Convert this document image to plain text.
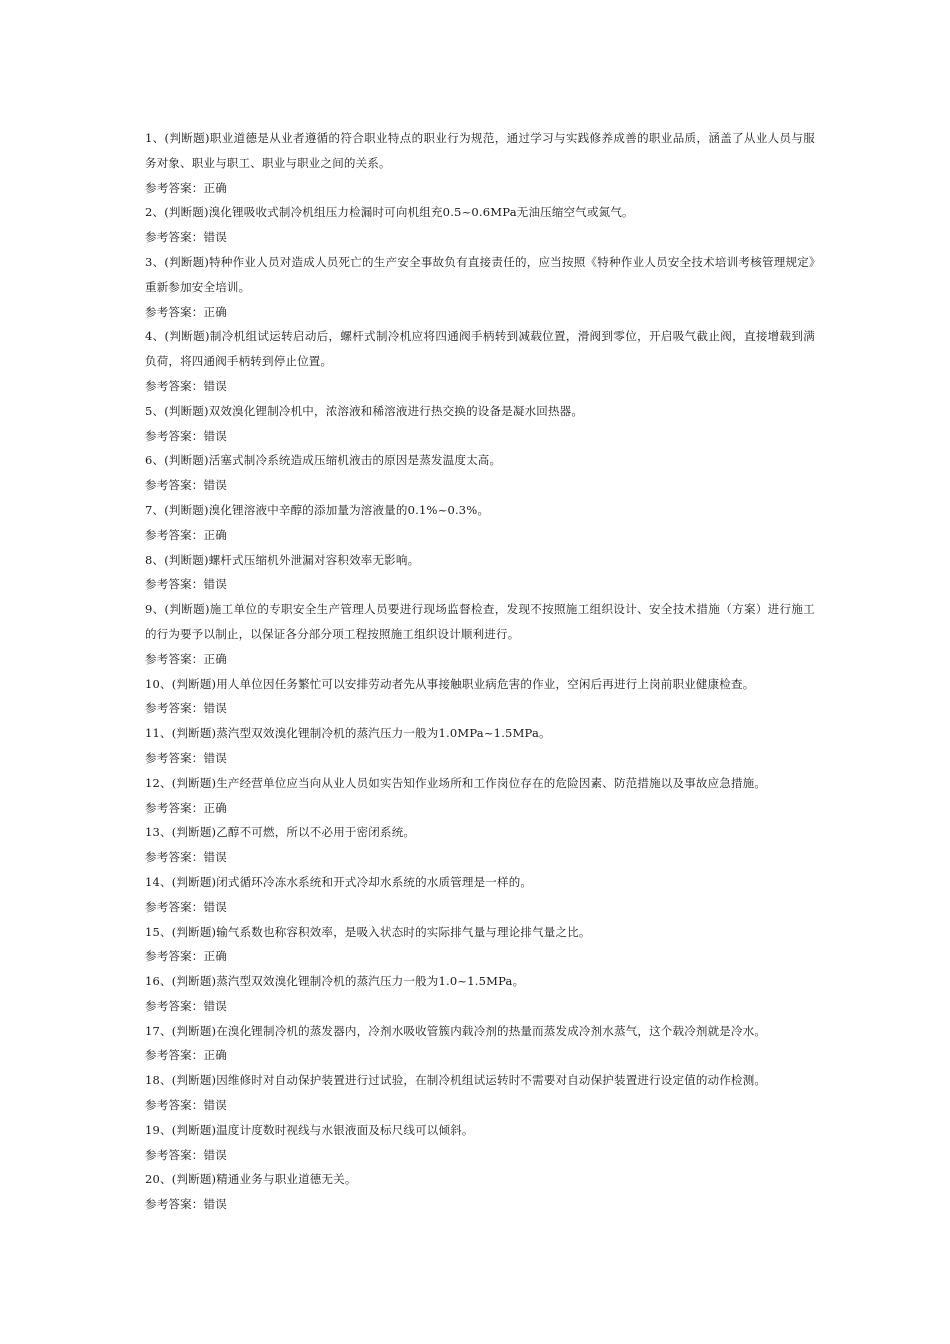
1、(判断题)职业道德是从业者遵循的符合职业特点的职业行为规范，通过学习与实践修养成善的职业品质，涵盖了从业人员与服务对象、职业与职工、职业与职业之间的关系。

参考答案：正确

2、(判断题)溴化锂吸收式制冷机组压力检漏时可向机组充0.5~0.6MPa无油压缩空气或氮气。

参考答案：错误

3、(判断题)特种作业人员对造成人员死亡的生产安全事故负有直接责任的，应当按照《特种作业人员安全技术培训考核管理规定》重新参加安全培训。

参考答案：正确

4、(判断题)制冷机组试运转启动后，螺杆式制冷机应将四通阀手柄转到减载位置，滑阀到零位，开启吸气截止阀，直接增载到满负荷，将四通阀手柄转到停止位置。

参考答案：错误

5、(判断题)双效溴化锂制冷机中，浓溶液和稀溶液进行热交换的设备是凝水回热器。

参考答案：错误

6、(判断题)活塞式制冷系统造成压缩机液击的原因是蒸发温度太高。

参考答案：错误

7、(判断题)溴化锂溶液中辛醇的添加量为溶液量的0.1%~0.3%。

参考答案：正确

8、(判断题)螺杆式压缩机外泄漏对容积效率无影响。

参考答案：错误

9、(判断题)施工单位的专职安全生产管理人员要进行现场监督检查，发现不按照施工组织设计、安全技术措施（方案）进行施工的行为要予以制止，以保证各分部分项工程按照施工组织设计顺利进行。

参考答案：正确

10、(判断题)用人单位因任务繁忙可以安排劳动者先从事接触职业病危害的作业，空闲后再进行上岗前职业健康检查。

参考答案：错误

11、(判断题)蒸汽型双效溴化锂制冷机的蒸汽压力一般为1.0MPa~1.5MPa。

参考答案：错误

12、(判断题)生产经营单位应当向从业人员如实告知作业场所和工作岗位存在的危险因素、防范措施以及事故应急措施。

参考答案：正确

13、(判断题)乙醇不可燃，所以不必用于密闭系统。

参考答案：错误

14、(判断题)闭式循环冷冻水系统和开式冷却水系统的水质管理是一样的。

参考答案：错误

15、(判断题)输气系数也称容积效率，是吸入状态时的实际排气量与理论排气量之比。

参考答案：正确

16、(判断题)蒸汽型双效溴化锂制冷机的蒸汽压力一般为1.0~1.5MPa。

参考答案：错误

17、(判断题)在溴化锂制冷机的蒸发器内，冷剂水吸收管簇内载冷剂的热量而蒸发成冷剂水蒸气，这个载冷剂就是冷水。

参考答案：正确

18、(判断题)因维修时对自动保护装置进行过试验，在制冷机组试运转时不需要对自动保护装置进行设定值的动作检测。

参考答案：错误

19、(判断题)温度计度数时视线与水银液面及标尺线可以倾斜。

参考答案：错误

20、(判断题)精通业务与职业道德无关。

参考答案：错误
